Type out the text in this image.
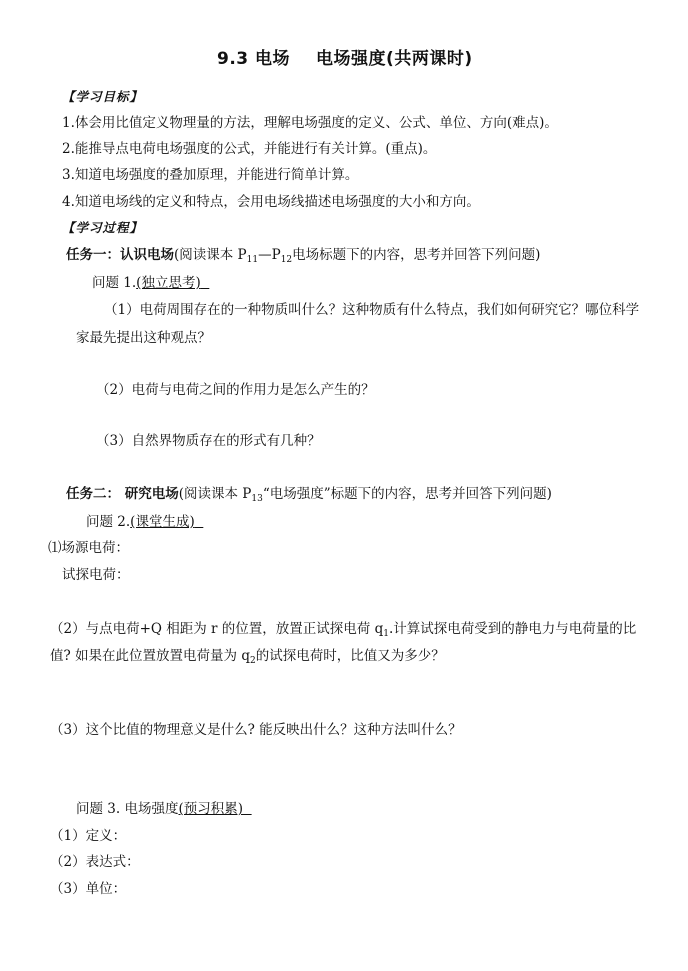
9.3 电场 电场强度(共两课时)
【学习目标】
1.体会用比值定义物理量的方法，理解电场强度的定义、公式、单位、方向(难点)。
2.能推导点电荷电场强度的公式，并能进行有关计算。(重点)。
3.知道电场强度的叠加原理，并能进行简单计算。
4.知道电场线的定义和特点，会用电场线描述电场强度的大小和方向。
【学习过程】
任务一：认识电场(阅读课本 $P_{11}—P_{12}$电场标题下的内容，思考并回答下列问题)
问题 1.(独立思考)
（1）电荷周围存在的一种物质叫什么？这种物质有什么特点，我们如何研究它？哪位科学
家最先提出这种观点？
（2）电荷与电荷之间的作用力是怎么产生的？
（3）自然界物质存在的形式有几种？
任务二： 研究电场(阅读课本 $P_{13}“$电场强度”标题下的内容，思考并回答下列问题)
问题 2.(课堂生成)
⑴场源电荷：
试探电荷：
（2）与点电荷+Q 相距为 r 的位置，放置正试探电荷 $q_1$.计算试探电荷受到的静电力与电荷量的比
值? 如果在此位置放置电荷量为 $q_2$的试探电荷时，比值又为多少？
（3）这个比值的物理意义是什么? 能反映出什么？这种方法叫什么？
问题 3. 电场强度(预习积累)
（1）定义：
（2）表达式：
（3）单位：
